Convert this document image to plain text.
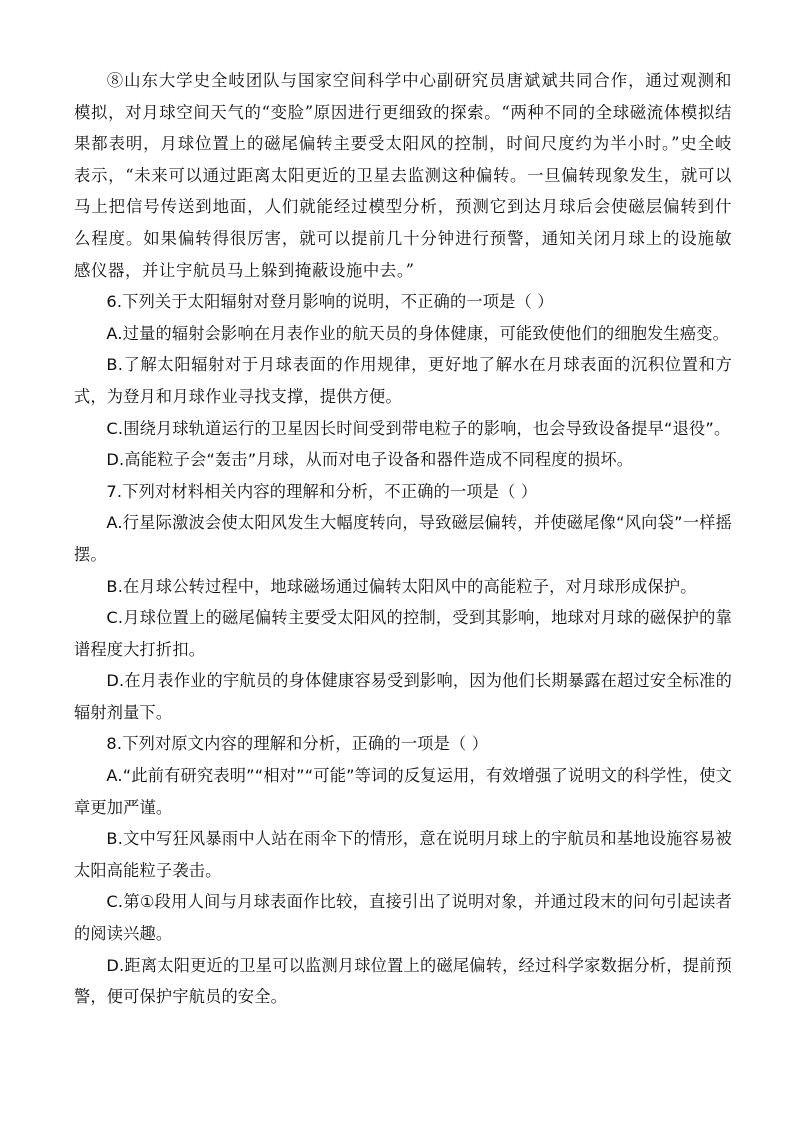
⑧山东大学史全岐团队与国家空间科学中心副研究员唐斌斌共同合作，通过观测和模拟，对月球空间天气的“变脸”原因进行更细致的探索。“两种不同的全球磁流体模拟结果都表明，月球位置上的磁尾偏转主要受太阳风的控制，时间尺度约为半小时。”史全岐表示，“未来可以通过距离太阳更近的卫星去监测这种偏转。一旦偏转现象发生，就可以马上把信号传送到地面，人们就能经过模型分析，预测它到达月球后会使磁层偏转到什么程度。如果偏转得很厉害，就可以提前几十分钟进行预警，通知关闭月球上的设施敏感仪器，并让宇航员马上躲到掩蔽设施中去。”

6.下列关于太阳辐射对登月影响的说明，不正确的一项是（ ）

A.过量的辐射会影响在月表作业的航天员的身体健康，可能致使他们的细胞发生癌变。

B.了解太阳辐射对于月球表面的作用规律，更好地了解水在月球表面的沉积位置和方式，为登月和月球作业寻找支撑，提供方便。

C.围绕月球轨道运行的卫星因长时间受到带电粒子的影响，也会导致设备提早“退役”。

D.高能粒子会“轰击”月球，从而对电子设备和器件造成不同程度的损坏。

7.下列对材料相关内容的理解和分析，不正确的一项是（ ）

A.行星际激波会使太阳风发生大幅度转向，导致磁层偏转，并使磁尾像“风向袋”一样摇摆。

B.在月球公转过程中，地球磁场通过偏转太阳风中的高能粒子，对月球形成保护。

C.月球位置上的磁尾偏转主要受太阳风的控制，受到其影响，地球对月球的磁保护的靠谱程度大打折扣。

D.在月表作业的宇航员的身体健康容易受到影响，因为他们长期暴露在超过安全标准的辐射剂量下。

8.下列对原文内容的理解和分析，正确的一项是（ ）

A.“此前有研究表明”“相对”“可能”等词的反复运用，有效增强了说明文的科学性，使文章更加严谨。

B.文中写狂风暴雨中人站在雨伞下的情形，意在说明月球上的宇航员和基地设施容易被太阳高能粒子袭击。

C.第①段用人间与月球表面作比较，直接引出了说明对象，并通过段末的问句引起读者的阅读兴趣。

D.距离太阳更近的卫星可以监测月球位置上的磁尾偏转，经过科学家数据分析，提前预警，便可保护宇航员的安全。
